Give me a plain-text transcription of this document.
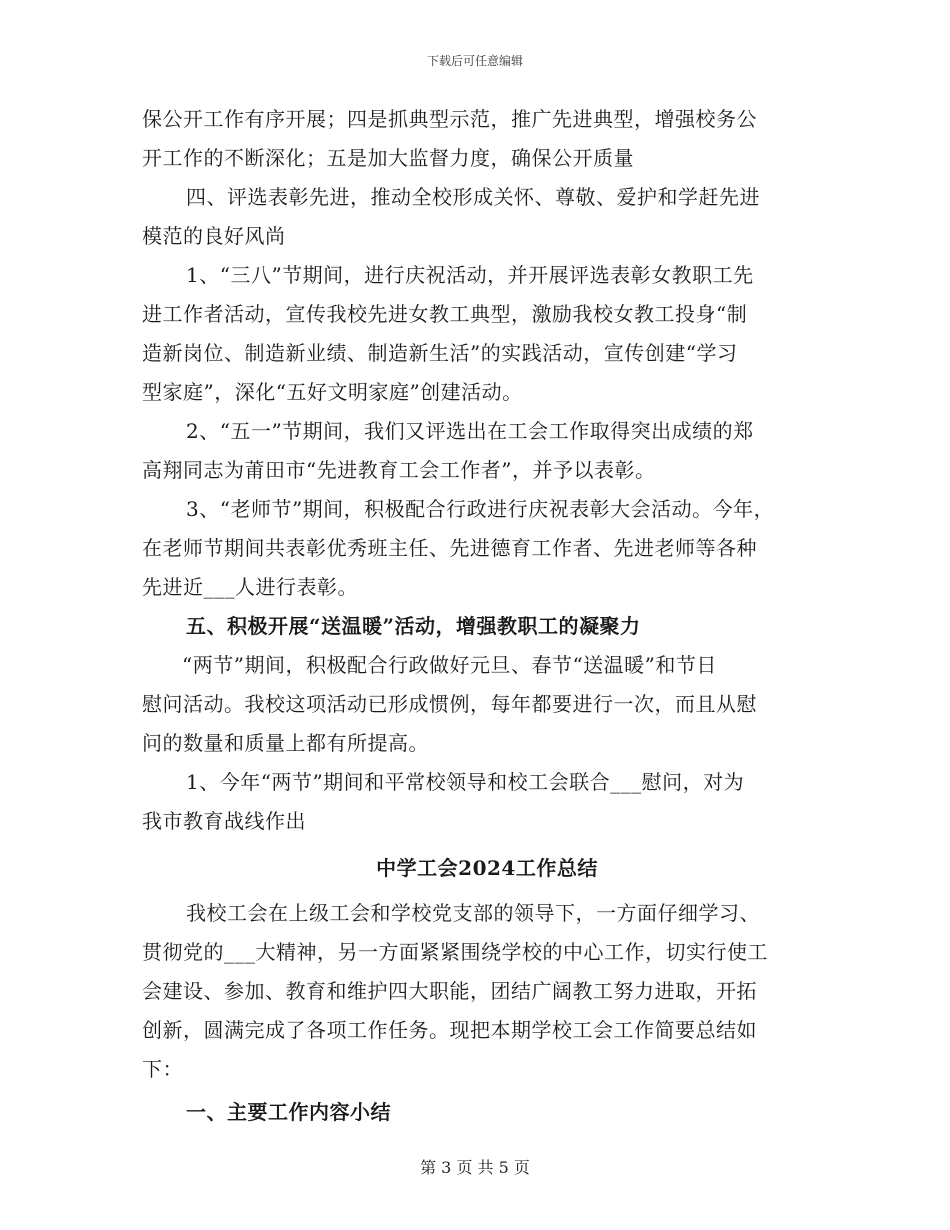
下载后可任意编辑
保公开工作有序开展；四是抓典型示范，推广先进典型，增强校务公
开工作的不断深化；五是加大监督力度，确保公开质量
四、评选表彰先进，推动全校形成关怀、尊敬、爱护和学赶先进
模范的良好风尚
1、“三八”节期间，进行庆祝活动，并开展评选表彰女教职工先
进工作者活动，宣传我校先进女教工典型，激励我校女教工投身“制
造新岗位、制造新业绩、制造新生活”的实践活动，宣传创建“学习
型家庭”，深化“五好文明家庭”创建活动。
2、“五一”节期间，我们又评选出在工会工作取得突出成绩的郑
高翔同志为莆田市“先进教育工会工作者”，并予以表彰。
3、“老师节”期间，积极配合行政进行庆祝表彰大会活动。今年，
在老师节期间共表彰优秀班主任、先进德育工作者、先进老师等各种
先进近___人进行表彰。
五、积极开展“送温暖”活动，增强教职工的凝聚力
“两节”期间，积极配合行政做好元旦、春节“送温暖”和节日
慰问活动。我校这项活动已形成惯例，每年都要进行一次，而且从慰
问的数量和质量上都有所提高。
1、今年“两节”期间和平常校领导和校工会联合___慰问，对为
我市教育战线作出
中学工会2024工作总结
我校工会在上级工会和学校党支部的领导下，一方面仔细学习、
贯彻党的___大精神，另一方面紧紧围绕学校的中心工作，切实行使工
会建设、参加、教育和维护四大职能，团结广阔教工努力进取，开拓
创新，圆满完成了各项工作任务。现把本期学校工会工作简要总结如
下：
一、主要工作内容小结
第 3 页 共 5 页
